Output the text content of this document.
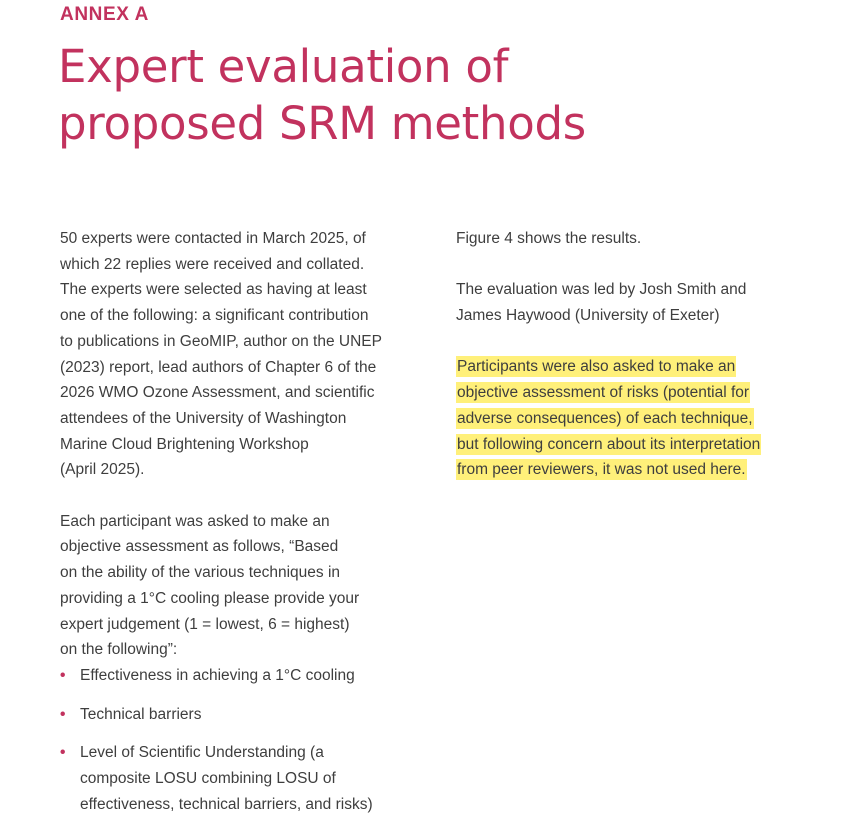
ANNEX A
Expert evaluation of
proposed SRM methods

50 experts were contacted in March 2025, of
which 22 replies were received and collated.
The experts were selected as having at least
one of the following: a significant contribution
to publications in GeoMIP, author on the UNEP
(2023) report, lead authors of Chapter 6 of the
2026 WMO Ozone Assessment, and scientific
attendees of the University of Washington
Marine Cloud Brightening Workshop
(April 2025).

Each participant was asked to make an
objective assessment as follows, “Based
on the ability of the various techniques in
providing a 1°C cooling please provide your
expert judgement (1 = lowest, 6 = highest)
on the following”:

• Effectiveness in achieving a 1°C cooling
• Technical barriers
• Level of Scientific Understanding (a
composite LOSU combining LOSU of
effectiveness, technical barriers, and risks)

Figure 4 shows the results.

The evaluation was led by Josh Smith and
James Haywood (University of Exeter)

Participants were also asked to make an
objective assessment of risks (potential for
adverse consequences) of each technique,
but following concern about its interpretation
from peer reviewers, it was not used here.
